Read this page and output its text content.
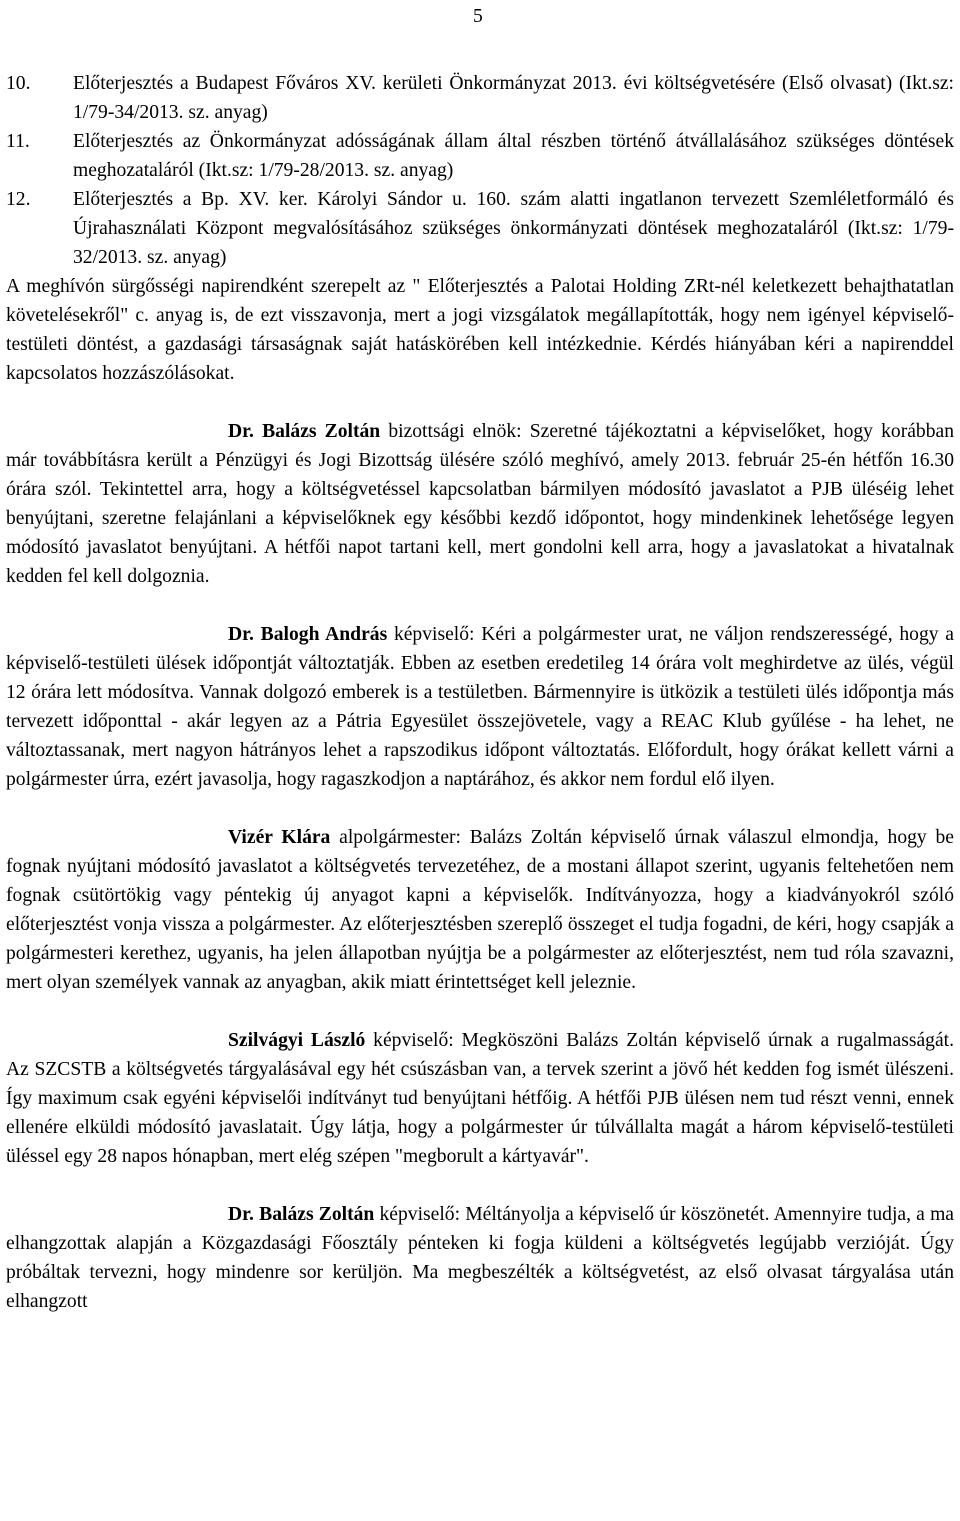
5
10. Előterjesztés a Budapest Főváros XV. kerületi Önkormányzat 2013. évi költségvetésére (Első olvasat) (Ikt.sz: 1/79-34/2013. sz. anyag)
11. Előterjesztés az Önkormányzat adósságának állam által részben történő átvállalásához szükséges döntések meghozataláról (Ikt.sz: 1/79-28/2013. sz. anyag)
12. Előterjesztés a Bp. XV. ker. Károlyi Sándor u. 160. szám alatti ingatlanon tervezett Szemléletformáló és Újrahasználati Központ megvalósításához szükséges önkormányzati döntések meghozataláról (Ikt.sz: 1/79-32/2013. sz. anyag)

A meghívón sürgősségi napirendként szerepelt az " Előterjesztés a Palotai Holding ZRt-nél keletkezett behajthatatlan követelésekről" c. anyag is, de ezt visszavonja, mert a jogi vizsgálatok megállapították, hogy nem igényel képviselő-testületi döntést, a gazdasági társaságnak saját hatáskörében kell intézkednie. Kérdés hiányában kéri a napirenddel kapcsolatos hozzászólásokat.

Dr. Balázs Zoltán bizottsági elnök: Szeretné tájékoztatni a képviselőket, hogy korábban már továbbításra került a Pénzügyi és Jogi Bizottság ülésére szóló meghívó, amely 2013. február 25-én hétfőn 16.30 órára szól. Tekintettel arra, hogy a költségvetéssel kapcsolatban bármilyen módosító javaslatot a PJB üléséig lehet benyújtani, szeretne felajánlani a képviselőknek egy későbbi kezdő időpontot, hogy mindenkinek lehetősége legyen módosító javaslatot benyújtani. A hétfői napot tartani kell, mert gondolni kell arra, hogy a javaslatokat a hivatalnak kedden fel kell dolgoznia.

Dr. Balogh András képviselő: Kéri a polgármester urat, ne váljon rendszerességé, hogy a képviselő-testületi ülések időpontját változtatják. Ebben az esetben eredetileg 14 órára volt meghirdetve az ülés, végül 12 órára lett módosítva. Vannak dolgozó emberek is a testületben. Bármennyire is ütközik a testületi ülés időpontja más tervezett időponttal - akár legyen az a Pátria Egyesület összejövetele, vagy a REAC Klub gyűlése - ha lehet, ne változtassanak, mert nagyon hátrányos lehet a rapszodikus időpont változtatás. Előfordult, hogy órákat kellett várni a polgármester úrra, ezért javasolja, hogy ragaszkodjon a naptárához, és akkor nem fordul elő ilyen.

Vizér Klára alpolgármester: Balázs Zoltán képviselő úrnak válaszul elmondja, hogy be fognak nyújtani módosító javaslatot a költségvetés tervezetéhez, de a mostani állapot szerint, ugyanis feltehetően nem fognak csütörtökig vagy péntekig új anyagot kapni a képviselők. Indítványozza, hogy a kiadványokról szóló előterjesztést vonja vissza a polgármester. Az előterjesztésben szereplő összeget el tudja fogadni, de kéri, hogy csapják a polgármesteri kerethez, ugyanis, ha jelen állapotban nyújtja be a polgármester az előterjesztést, nem tud róla szavazni, mert olyan személyek vannak az anyagban, akik miatt érintettséget kell jeleznie.

Szilvágyi László képviselő: Megköszöni Balázs Zoltán képviselő úrnak a rugalmasságát. Az SZCSTB a költségvetés tárgyalásával egy hét csúszásban van, a tervek szerint a jövő hét kedden fog ismét ülészeni. Így maximum csak egyéni képviselői indítványt tud benyújtani hétfőig. A hétfői PJB ülésen nem tud részt venni, ennek ellenére elküldi módosító javaslatait. Úgy látja, hogy a polgármester úr túlvállalta magát a három képviselő-testületi üléssel egy 28 napos hónapban, mert elég szépen "megborult a kártyavár".

Dr. Balázs Zoltán képviselő: Méltányolja a képviselő úr köszönetét. Amennyire tudja, a ma elhangzottak alapján a Közgazdasági Főosztály pénteken ki fogja küldeni a költségvetés legújabb verzióját. Úgy próbáltak tervezni, hogy mindenre sor kerüljön. Ma megbeszélték a költségvetést, az első olvasat tárgyalása után elhangzott
